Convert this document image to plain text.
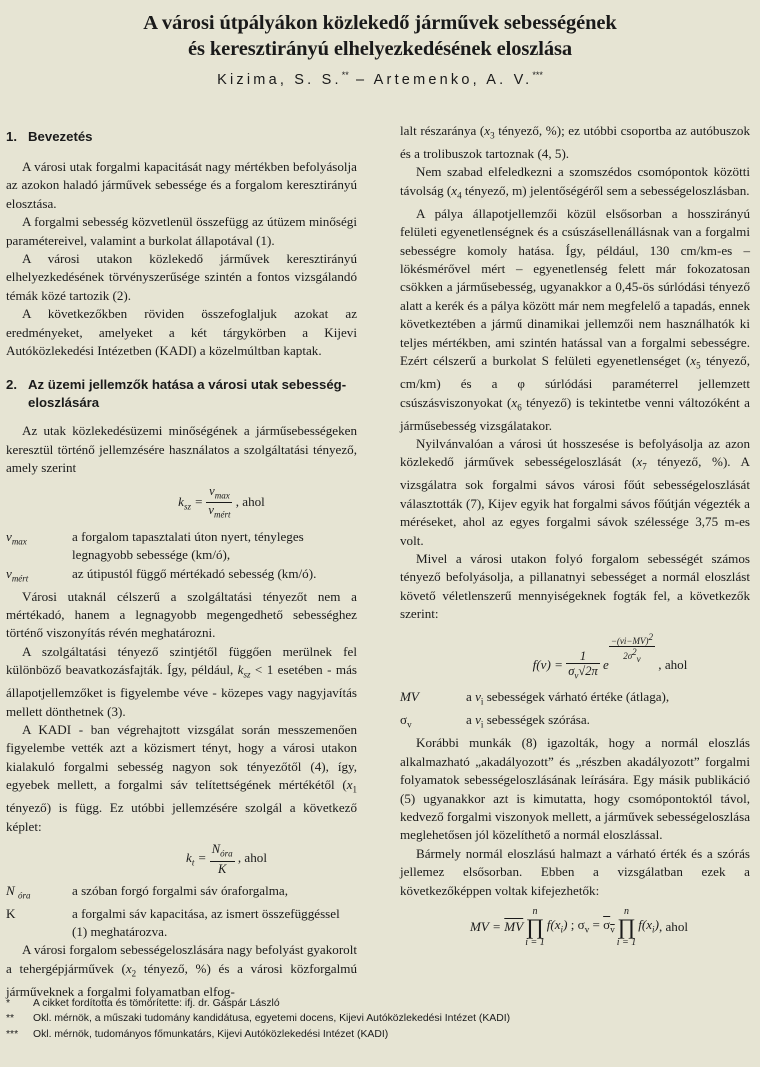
A városi útpályákon közlekedő járművek sebességének
és keresztirányú elhelyezkedésének eloszlása
Kizima, S. S.** – Artemenko, A. V.***
1. Bevezetés

A városi utak forgalmi kapacitását nagy mértékben befolyásolja az azokon haladó járművek sebessége és a forgalom keresztirányú elosztása.

A forgalmi sebesség közvetlenül összefügg az útüzem minőségi paramétereivel, valamint a burkolat állapotával (1).

A városi utakon közlekedő járművek keresztirányú elhelyezkedésének törvényszerűsége szintén a fontos vizsgálandó témák közé tartozik (2).

A következőkben röviden összefoglaljuk azokat az eredményeket, amelyeket a két tárgykörben a Kijevi Autóközlekedési Intézetben (KADI) a közelmúltban kaptak.

2. Az üzemi jellemzők hatása a városi utak sebesség-eloszlására

Az utak közlekedésüzemi minőségének a járműsebességeken keresztül történő jellemzésére használatos a szolgáltatási tényező, amely szerint

$k_{sz} = \frac{v_{max}}{v_{mért}}$ , ahol
$v_{max}$	a forgalom tapasztalati úton nyert, tényleges legnagyobb sebessége (km/ó),
$v_{mért}$	az útipustól függő mértékadó sebesség (km/ó).

Városi utaknál célszerű a szolgáltatási tényezőt nem a mértékadó, hanem a legnagyobb megengedhető sebességhez történő viszonyítás révén meghatározni.

A szolgáltatási tényező szintjétől függően merülnek fel különböző beavatkozásfajták. Így, például, $k_{sz} < 1$ esetében - más állapotjellemzőket is figyelembe véve - közepes vagy nagyjavítás mellett dönthetnek (3).

A KADI - ban végrehajtott vizsgálat során messzemenően figyelembe vették azt a közismert tényt, hogy a városi utakon kialakuló forgalmi sebesség nagyon sok tényezőtől (4), így, egyebek mellett, a forgalmi sáv telítettségének mértékétől ($x_1$ tényező) is függ. Ez utóbbi jellemzésére szolgál a következő képlet:

$k_t = \frac{N_{óra}}{K}$ , ahol
N $_{óra}$	a szóban forgó forgalmi sáv óraforgalma,
K	a forgalmi sáv kapacitása, az ismert összefüggéssel (1) meghatározva.

A városi forgalom sebességeloszlására nagy befolyást gyakorolt a tehergépjárművek ($x_2$ tényező, %) és a városi közforgalmú járműveknek a forgalmi folyamatban elfog-

lalt részaránya ($x_3$ tényező, %); ez utóbbi csoportba az autóbuszok és a trolibuszok tartoznak (4, 5).

Nem szabad elfeledkezni a szomszédos csomópontok közötti távolság ($x_4$ tényező, m) jelentőségéről sem a sebességeloszlásban.

A pálya állapotjellemzői közül elsősorban a hosszirányú felületi egyenetlenségnek és a csúszásellenállásnak van a forgalmi sebességre komoly hatása. Így, például, 130 cm/km-es – lökésmérővel mért – egyenetlenség felett már fokozatosan csökken a járműsebesség, ugyanakkor a 0,45-ös súrlódási tényező alatt a kerék és a pálya között már nem megfelelő a tapadás, ennek következtében a jármű dinamikai jellemzői nem használhatók ki teljes mértékben, ami szintén hatással van a forgalmi sebességre. Ezért célszerű a burkolat S felületi egyenetlenséget ($x_5$ tényező, cm/km) és a φ súrlódási paraméterrel jellemzett csúszásviszonyokat ($x_6$ tényező) is tekintetbe venni változóként a járműsebesség vizsgálatakor.

Nyilvánvalóan a városi út hosszesése is befolyásolja az azon közlekedő járművek sebességeloszlását ($x_7$ tényező, %). A vizsgálatra sok forgalmi sávos városi főút sebességeloszlását választották (7), Kijev egyik hat forgalmi sávos főútján végezték a méréseket, ahol az egyes forgalmi sávok szélessége 3,75 m-es volt.

Mivel a városi utakon folyó forgalom sebességét számos tényező befolyásolja, a pillanatnyi sebességet a normál eloszlást követő véletlenszerű mennyiségeknek fogták fel, a következők szerint:

$f(v) = \frac{1}{\sigma_v√2\pi}$ e
$\frac{-(vi-MV)^2}{2\sigma^2_v}$
, ahol
MV	a $v_i$ sebességek várható értéke (átlaga),
$\sigma_v$	a $v_i$ sebességek szórása.

Korábbi munkák (8) igazolták, hogy a normál eloszlás alkalmazható „akadályozott” és „részben akadályozott” forgalmi folyamatok sebességeloszlásának leírására. Egy másik publikáció (5) ugyanakkor azt is kimutatta, hogy csomópontoktól távol, kedvező forgalmi viszonyok mellett, a járművek sebességeloszlása meglehetősen jól közelíthető a normál eloszlással.

Bármely normál eloszlású halmazt a várható érték és a szórás jellemez elsősorban. Ebben a vizsgálatban ezek a következőképpen voltak kifejezhetők:

MV = $\overline{MV}$
n
∏
i = 1
$f(x_i)$ ; $\sigma_v = \sigma_v$
n
∏
i = 1
$f(x_i)$ , ahol
*	A cikket fordította és tömörítette: ifj. dr. Gáspár László
**	Okl. mérnök, a műszaki tudomány kandidátusa, egyetemi docens, Kijevi Autóközlekedési Intézet (KADI)
***	Okl. mérnök, tudományos főmunkatárs, Kijevi Autóközlekedési Intézet (KADI)
